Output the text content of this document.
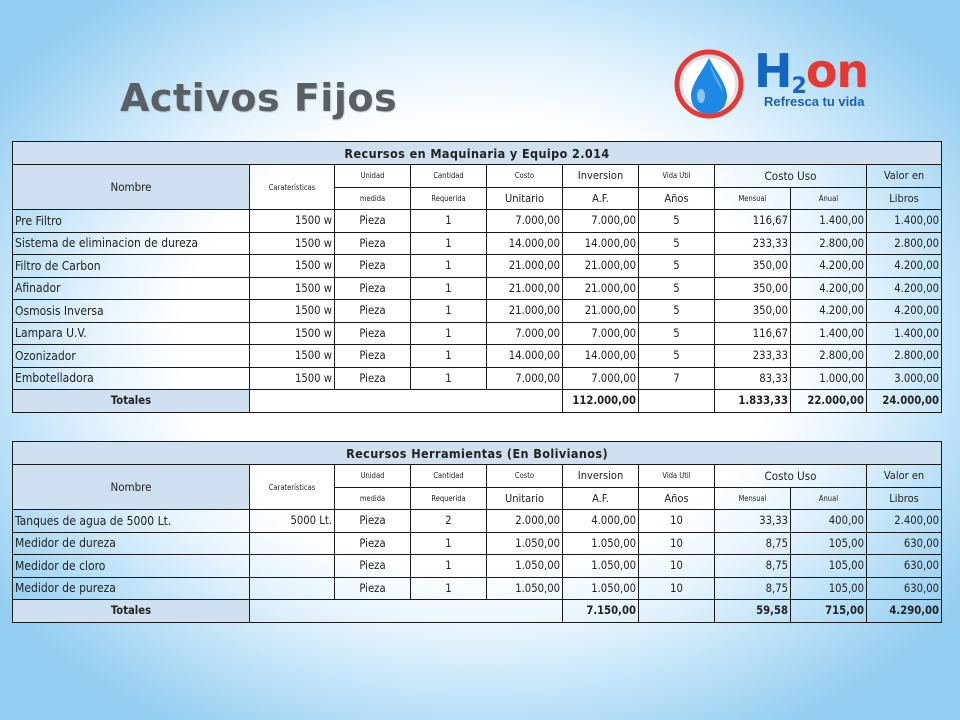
Activos Fijos	$H_2on$
Refresca tu vida
Recursos en Maquinaria y Equipo 2.014									
Nombre	Caraterísticas	Unidad	Cantidad	Costo	Inversion	Vida Util	Costo Uso		Valor en
		medida	Requerida	Unitario	A.F.	Años	Mensual	Anual	Libros
Pre Filtro	1500 w	Pieza	1	7.000,00	7.000,00	5	116,67	1.400,00	1.400,00
Sistema de eliminacion de dureza	1500 w	Pieza	1	14.000,00	14.000,00	5	233,33	2.800,00	2.800,00
Filtro de Carbon	1500 w	Pieza	1	21.000,00	21.000,00	5	350,00	4.200,00	4.200,00
Afinador	1500 w	Pieza	1	21.000,00	21.000,00	5	350,00	4.200,00	4.200,00
Osmosis Inversa	1500 w	Pieza	1	21.000,00	21.000,00	5	350,00	4.200,00	4.200,00
Lampara U.V.	1500 w	Pieza	1	7.000,00	7.000,00	5	116,67	1.400,00	1.400,00
Ozonizador	1500 w	Pieza	1	14.000,00	14.000,00	5	233,33	2.800,00	2.800,00
Embotelladora	1500 w	Pieza	1	7.000,00	7.000,00	7	83,33	1.000,00	3.000,00
Totales					112.000,00		1.833,33	22.000,00	24.000,00
Recursos Herramientas (En Bolivianos)									
Nombre	Caraterísticas	Unidad	Cantidad	Costo	Inversion	Vida Util	Costo Uso		Valor en
		medida	Requerida	Unitario	A.F.	Años	Mensual	Anual	Libros
Tanques de agua de 5000 Lt.	5000 Lt.	Pieza	2	2.000,00	4.000,00	10	33,33	400,00	2.400,00
Medidor de dureza		Pieza	1	1.050,00	1.050,00	10	8,75	105,00	630,00
Medidor de cloro		Pieza	1	1.050,00	1.050,00	10	8,75	105,00	630,00
Medidor de pureza		Pieza	1	1.050,00	1.050,00	10	8,75	105,00	630,00
Totales					7.150,00		59,58	715,00	4.290,00
